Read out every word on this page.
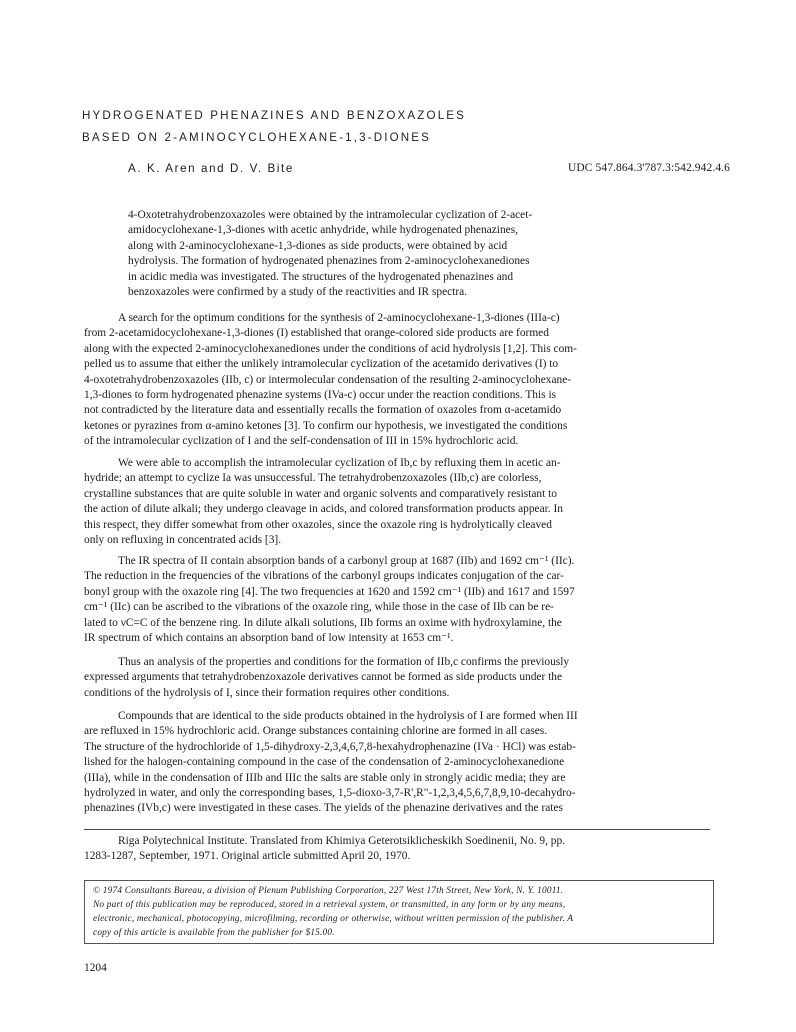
HYDROGENATED PHENAZINES AND BENZOXAZOLES
BASED ON 2-AMINOCYCLOHEXANE-1,3-DIONES
A. K. Aren and D. V. Bite	UDC 547.864.3'787.3:542.942.4.6
4-Oxotetrahydrobenzoxazoles were obtained by the intramolecular cyclization of 2-acet-
amidocyclohexane-1,3-diones with acetic anhydride, while hydrogenated phenazines,
along with 2-aminocyclohexane-1,3-diones as side products, were obtained by acid
hydrolysis. The formation of hydrogenated phenazines from 2-aminocyclohexanediones
in acidic media was investigated. The structures of the hydrogenated phenazines and
benzoxazoles were confirmed by a study of the reactivities and IR spectra.
A search for the optimum conditions for the synthesis of 2-aminocyclohexane-1,3-diones (IIIa-c)
from 2-acetamidocyclohexane-1,3-diones (I) established that orange-colored side products are formed
along with the expected 2-aminocyclohexanediones under the conditions of acid hydrolysis [1,2]. This com-
pelled us to assume that either the unlikely intramolecular cyclization of the acetamido derivatives (I) to
4-oxotetrahydrobenzoxazoles (IIb, c) or intermolecular condensation of the resulting 2-aminocyclohexane-
1,3-diones to form hydrogenated phenazine systems (IVa-c) occur under the reaction conditions. This is
not contradicted by the literature data and essentially recalls the formation of oxazoles from α-acetamido
ketones or pyrazines from α-amino ketones [3]. To confirm our hypothesis, we investigated the conditions
of the intramolecular cyclization of I and the self-condensation of III in 15% hydrochloric acid.
We were able to accomplish the intramolecular cyclization of Ib,c by refluxing them in acetic an-
hydride; an attempt to cyclize Ia was unsuccessful. The tetrahydrobenzoxazoles (IIb,c) are colorless,
crystalline substances that are quite soluble in water and organic solvents and comparatively resistant to
the action of dilute alkali; they undergo cleavage in acids, and colored transformation products appear. In
this respect, they differ somewhat from other oxazoles, since the oxazole ring is hydrolytically cleaved
only on refluxing in concentrated acids [3].
The IR spectra of II contain absorption bands of a carbonyl group at 1687 (IIb) and 1692 cm⁻¹ (IIc).
The reduction in the frequencies of the vibrations of the carbonyl groups indicates conjugation of the car-
bonyl group with the oxazole ring [4]. The two frequencies at 1620 and 1592 cm⁻¹ (IIb) and 1617 and 1597
cm⁻¹ (IIc) can be ascribed to the vibrations of the oxazole ring, while those in the case of IIb can be re-
lated to νC=C of the benzene ring. In dilute alkali solutions, IIb forms an oxime with hydroxylamine, the
IR spectrum of which contains an absorption band of low intensity at 1653 cm⁻¹.
Thus an analysis of the properties and conditions for the formation of IIb,c confirms the previously
expressed arguments that tetrahydrobenzoxazole derivatives cannot be formed as side products under the
conditions of the hydrolysis of I, since their formation requires other conditions.
Compounds that are identical to the side products obtained in the hydrolysis of I are formed when III
are refluxed in 15% hydrochloric acid. Orange substances containing chlorine are formed in all cases.
The structure of the hydrochloride of 1,5-dihydroxy-2,3,4,6,7,8-hexahydrophenazine (IVa · HCl) was estab-
lished for the halogen-containing compound in the case of the condensation of 2-aminocyclohexanedione
(IIIa), while in the condensation of IIIb and IIIc the salts are stable only in strongly acidic media; they are
hydrolyzed in water, and only the corresponding bases, 1,5-dioxo-3,7-R',R"-1,2,3,4,5,6,7,8,9,10-decahydro-
phenazines (IVb,c) were investigated in these cases. The yields of the phenazine derivatives and the rates
Riga Polytechnical Institute. Translated from Khimiya Geterotsiklicheskikh Soedinenii, No. 9, pp.
1283-1287, September, 1971. Original article submitted April 20, 1970.
© 1974 Consultants Bureau, a division of Plenum Publishing Corporation, 227 West 17th Street, New York, N. Y. 10011.
No part of this publication may be reproduced, stored in a retrieval system, or transmitted, in any form or by any means,
electronic, mechanical, photocopying, microfilming, recording or otherwise, without written permission of the publisher. A
copy of this article is available from the publisher for $15.00.
1204
